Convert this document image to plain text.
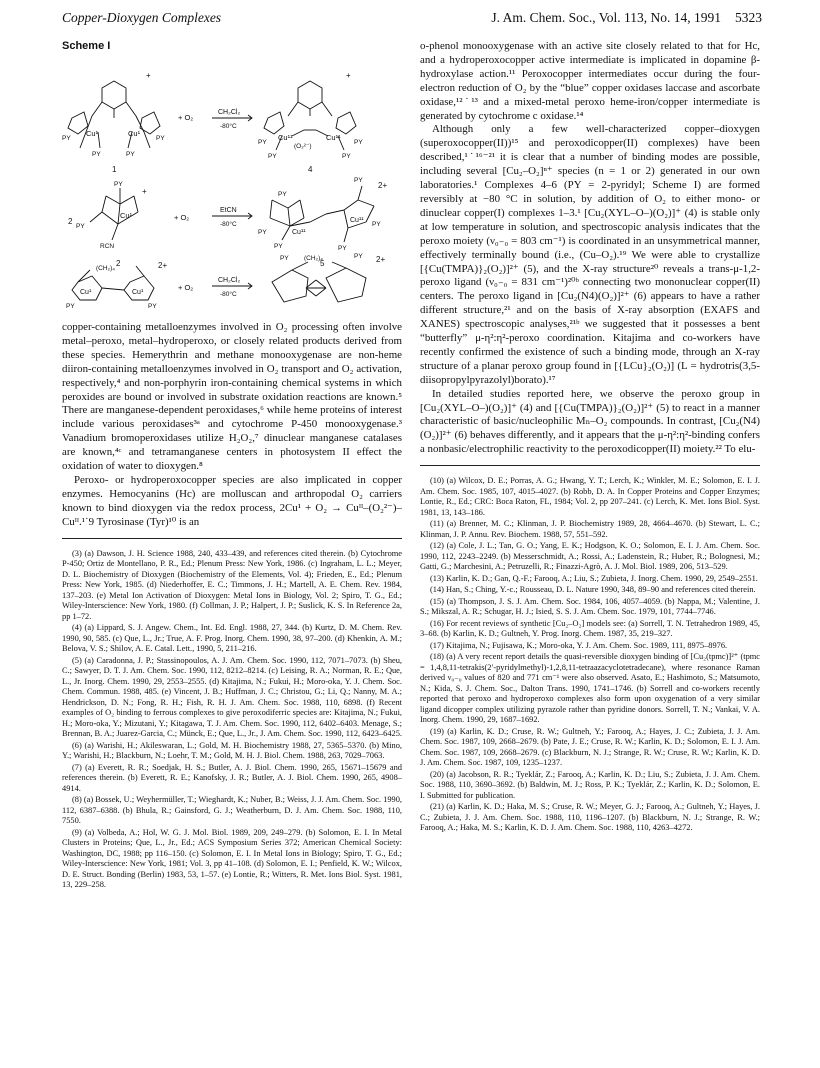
Copper-Dioxygen Complexes	J. Am. Chem. Soc., Vol. 113, No. 14, 1991 5323
Scheme I
Cu¹	Cu¹
PY	PY
PY	PY
+
1
+ O₂
CH₂Cl₂
-80°C
Cu¹¹	Cu¹¹
(O₂²⁻)
PY	PY
PY	PY
+
4
2
PY
PY
Cu¹
RCN
+
2
+ O₂
EtCN
-80°C
PY
PY
PY
PY	PY
PY
Cu¹¹
Cu¹¹
2+
5
(CH₂)₄
Cu¹	Cu¹
PY	PY
2+
+ O₂
CH₂Cl₂
-80°C
(CH₂)₄
PY	PY 2+

copper-containing metalloenzymes involved in O₂ processing often involve metal–peroxo, metal–hydroperoxo, or closely related products derived from these species. Hemerythrin and methane monooxygenase are non-heme diiron-containing metalloenzymes involved in O₂ transport and O₂ activation, respectively,⁴ and non-porphyrin iron-containing chemical systems in which peroxides are bound or involved in substrate oxidation reactions are known.⁵ There are manganese-dependent peroxidases,⁶ while heme proteins of interest include various peroxidases³ᵃ and cytochrome P-450 monooxygenase.³ Vanadium bromoperoxidases utilize H₂O₂,⁷ dinuclear manganese catalases are known,⁴ᶜ and tetramanganese centers in photosystem II effect the oxidation of water to dioxygen.⁸

Peroxo- or hydroperoxocopper species are also implicated in copper enzymes. Hemocyanins (Hc) are molluscan and arthropodal O₂ carriers known to bind dioxygen via the redox process, 2Cu¹ + O₂ → Cuᴵᴵ–(O₂²⁻)–Cuᴵᴵ.¹˙9 Tyrosinase (Tyr)¹⁰ is an

(3) (a) Dawson, J. H. Science 1988, 240, 433–439, and references cited therein. (b) Cytochrome P-450; Ortiz de Montellano, P. R., Ed.; Plenum Press: New York, 1986. (c) Ingraham, L. L.; Meyer, D. L. Biochemistry of Dioxygen (Biochemistry of the Elements, Vol. 4); Frieden, E., Ed.; Plenum Press: New York, 1985. (d) Niederhoffer, E. C.; Timmons, J. H.; Martell, A. E. Chem. Rev. 1984, 137–203. (e) Metal Ion Activation of Dioxygen: Metal Ions in Biology, Vol. 2; Spiro, T. G., Ed.; Wiley-Interscience: New York, 1980. (f) Collman, J. P.; Halpert, J. P.; Suslick, K. S. In Reference 2a, pp 1–72.

(4) (a) Lippard, S. J. Angew. Chem., Int. Ed. Engl. 1988, 27, 344. (b) Kurtz, D. M. Chem. Rev. 1990, 90, 585. (c) Que, L., Jr.; True, A. F. Prog. Inorg. Chem. 1990, 38, 97–200. (d) Khenkin, A. M.; Belova, V. S.; Shilov, A. E. Catal. Lett., 1990, 5, 211–216.

(5) (a) Caradonna, J. P.; Stassinopoulos, A. J. Am. Chem. Soc. 1990, 112, 7071–7073. (b) Sheu, C.; Sawyer, D. T. J. Am. Chem. Soc. 1990, 112, 8212–8214. (c) Leising, R. A.; Norman, R. E.; Que, L., Jr. Inorg. Chem. 1990, 29, 2553–2555. (d) Kitajima, N.; Fukui, H.; Moro-oka, Y. J. Chem. Soc. Chem. Commun. 1988, 485. (e) Vincent, J. B.; Huffman, J. C.; Christou, G.; Li, Q.; Nanny, M. A.; Hendrickson, D. N.; Fong, R. H.; Fish, R. H. J. Am. Chem. Soc. 1988, 110, 6898. (f) Recent examples of O₂ binding to ferrous complexes to give peroxodiferric species are: Kitajima, N.; Fukui, H.; Moro-oka, Y.; Mizutani, Y.; Kitagawa, T. J. Am. Chem. Soc. 1990, 112, 6402–6403. Menage, S.; Brennan, B. A.; Juarez-Garcia, C.; Münck, E.; Que, L., Jr., J. Am. Chem. Soc. 1990, 112, 6423–6425.

(6) (a) Warishi, H.; Akileswaran, L.; Gold, M. H. Biochemistry 1988, 27, 5365–5370. (b) Mino, Y.; Warishi, H.; Blackburn, N.; Loehr, T. M.; Gold, M. H. J. Biol. Chem. 1988, 263, 7029–7063.

(7) (a) Everett, R. R.; Soedjak, H. S.; Butler, A. J. Biol. Chem. 1990, 265, 15671–15679 and references therein. (b) Everett, R. E.; Kanofsky, J. R.; Butler, A. J. Biol. Chem. 1990, 265, 4908–4914.

(8) (a) Bossek, U.; Weyhermüller, T.; Wieghardt, K.; Nuber, B.; Weiss, J. J. Am. Chem. Soc. 1990, 112, 6387–6388. (b) Bhula, R.; Gainsford, G. J.; Weatherburn, D. J. Am. Chem. Soc. 1988, 110, 7550.

(9) (a) Volbeda, A.; Hol, W. G. J. Mol. Biol. 1989, 209, 249–279. (b) Solomon, E. I. In Metal Clusters in Proteins; Que, L., Jr., Ed.; ACS Symposium Series 372; American Chemical Society: Washington, DC, 1988; pp 116–150. (c) Solomon, E. I. In Metal Ions in Biology; Spiro, T. G., Ed.; Wiley-Interscience: New York, 1981; Vol. 3, pp 41–108. (d) Solomon, E. I.; Penfield, K. W.; Wilcox, D. E. Struct. Bonding (Berlin) 1983, 53, 1–57. (e) Lontie, R.; Witters, R. Met. Ions Biol. Syst. 1981, 13, 229–258.

o-phenol monooxygenase with an active site closely related to that for Hc, and a hydroperoxocopper active intermediate is implicated in dopamine β-hydroxylase action.¹¹ Peroxocopper intermediates occur during the four-electron reduction of O₂ by the “blue” copper oxidases laccase and ascorbate oxidase,¹²˙¹³ and a mixed-metal peroxo heme-iron/copper intermediate is generated by cytochrome c oxidase.¹⁴

Although only a few well-characterized copper–dioxygen (superoxocopper(II))¹⁵ and peroxodicopper(II) complexes) have been described,¹˙¹⁶⁻²¹ it is clear that a number of binding modes are possible, including several [Cu₂–O₂]ⁿ⁺ species (n = 1 or 2) generated in our own laboratories.¹ Complexes 4–6 (PY = 2-pyridyl; Scheme I) are formed reversibly at −80 °C in solution, by addition of O₂ to either mono- or dinuclear copper(I) complexes 1–3.¹ [Cu₂(XYL–O–)(O₂)]⁺ (4) is stable only at low temperature in solution, and spectroscopic analysis indicates that the peroxo moiety (ν₀₋₀ = 803 cm⁻¹) is coordinated in an unsymmetrical manner, effectively terminally bound (i.e., (Cu–O₂).¹⁹ We were able to crystallize [{Cu(TMPA)}₂(O₂)]²⁺ (5), and the X-ray structure²⁰ reveals a trans-μ-1,2-peroxo ligand (ν₀₋₀ = 831 cm⁻¹)²⁰ᵇ connecting two mononuclear copper(II) centers. The peroxo ligand in [Cu₂(N4)(O₂)]²⁺ (6) appears to have a rather different structure,²¹ and on the basis of X-ray absorption (EXAFS and XANES) spectroscopic analyses,²¹ᵇ we suggested that it possesses a bent “butterfly” μ-η²:η²-peroxo coordination. Kitajima and co-workers have recently confirmed the existence of such a binding mode, through an X-ray structure of a planar peroxo group found in [{LCu}₂(O₂)] (L = hydrotris(3,5-diisopropylpyrazolyl)borato).¹⁷

In detailed studies reported here, we observe the peroxo group in [Cu₂(XYL–O–)(O₂)]⁺ (4) and [{Cu(TMPA)}₂(O₂)]²⁺ (5) to react in a manner characteristic of basic/nucleophilic Mₙ–O₂ compounds. In contrast, [Cu₂(N4)(O₂)]²⁺ (6) behaves differently, and it appears that the μ-η²:η²-binding confers a nonbasic/electrophilic reactivity to the peroxodicopper(II) moiety.²² To elu-

(10) (a) Wilcox, D. E.; Porras, A. G.; Hwang, Y. T.; Lerch, K.; Winkler, M. E.; Solomon, E. I. J. Am. Chem. Soc. 1985, 107, 4015–4027. (b) Robb, D. A. In Copper Proteins and Copper Enzymes; Lontie, R., Ed.; CRC: Boca Raton, FL, 1984; Vol. 2, pp 207–241. (c) Lerch, K. Met. Ions Biol. Syst. 1981, 13, 143–186.

(11) (a) Brenner, M. C.; Klinman, J. P. Biochemistry 1989, 28, 4664–4670. (b) Stewart, L. C.; Klinman, J. P. Annu. Rev. Biochem. 1988, 57, 551–592.

(12) (a) Cole, J. L.; Tan, G. O.; Yang, E. K.; Hodgson, K. O.; Solomon, E. I. J. Am. Chem. Soc. 1990, 112, 2243–2249. (b) Messerschmidt, A.; Rossi, A.; Ladenstein, R.; Huber, R.; Bolognesi, M.; Gatti, G.; Marchesini, A.; Petruzelli, R.; Finazzi-Agrò, A. J. Mol. Biol. 1989, 206, 513–529.

(13) Karlin, K. D.; Gan, Q.-F.; Farooq, A.; Liu, S.; Zubieta, J. Inorg. Chem. 1990, 29, 2549–2551.

(14) Han, S.; Ching, Y.-c.; Rousseau, D. L. Nature 1990, 348, 89–90 and references cited therein.

(15) (a) Thompson, J. S. J. Am. Chem. Soc. 1984, 106, 4057–4059. (b) Nappa, M.; Valentine, J. S.; Mikszal, A. R.; Schugar, H. J.; Isied, S. S. J. Am. Chem. Soc. 1979, 101, 7744–7746.

(16) For recent reviews of synthetic [Cu₂–O₂] models see: (a) Sorrell, T. N. Tetrahedron 1989, 45, 3–68. (b) Karlin, K. D.; Gultneh, Y. Prog. Inorg. Chem. 1987, 35, 219–327.

(17) Kitajima, N.; Fujisawa, K.; Moro-oka, Y. J. Am. Chem. Soc. 1989, 111, 8975–8976.

(18) (a) A very recent report details the quasi-reversible dioxygen binding of [Cu₂(tpmc)]²⁺ (tpmc = 1,4,8,11-tetrakis(2′-pyridylmethyl)-1,2,8,11-tetraazacyclotetradecane), where resonance Raman derived ν₀₋₀ values of 820 and 771 cm⁻¹ were also observed. Asato, E.; Hashimoto, S.; Matsumoto, N.; Kida, S. J. Chem. Soc., Dalton Trans. 1990, 1741–1746. (b) Sorrell and co-workers recently reported that peroxo and hydroperoxo complexes also form upon oxygenation of a very similar ligand dicopper complex utilizing pyrazole rather than pyridine donors. Sorrell, T. N.; Vankai, V. A. Inorg. Chem. 1990, 29, 1687–1692.

(19) (a) Karlin, K. D.; Cruse, R. W.; Gultneh, Y.; Farooq, A.; Hayes, J. C.; Zubieta, J. J. Am. Chem. Soc. 1987, 109, 2668–2679. (b) Pate, J. E.; Cruse, R. W.; Karlin, K. D.; Solomon, E. I. J. Am. Chem. Soc. 1987, 109, 2668–2679. (c) Blackburn, N. J.; Strange, R. W.; Cruse, R. W.; Karlin, K. D. J. Am. Chem. Soc. 1987, 109, 1235–1237.

(20) (a) Jacobson, R. R.; Tyeklár, Z.; Farooq, A.; Karlin, K. D.; Liu, S.; Zubieta, J. J. Am. Chem. Soc. 1988, 110, 3690–3692. (b) Baldwin, M. J.; Ross, P. K.; Tyeklár, Z.; Karlin, K. D.; Solomon, E. I. Submitted for publication.

(21) (a) Karlin, K. D.; Haka, M. S.; Cruse, R. W.; Meyer, G. J.; Farooq, A.; Gultneh, Y.; Hayes, J. C.; Zubieta, J. J. Am. Chem. Soc. 1988, 110, 1196–1207. (b) Blackburn, N. J.; Strange, R. W.; Farooq, A.; Haka, M. S.; Karlin, K. D. J. Am. Chem. Soc. 1988, 110, 4263–4272.
